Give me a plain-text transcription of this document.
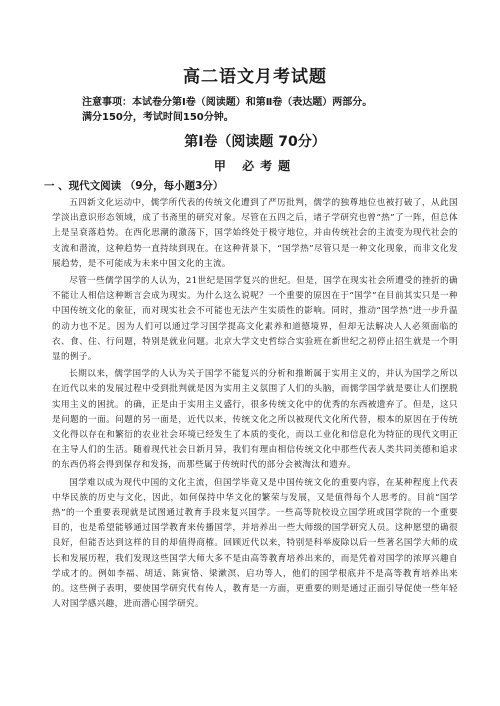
高二语文月考试题

注意事项：本试卷分第Ⅰ卷（阅读题）和第Ⅱ卷（表达题）两部分。

满分150分，考试时间150分钟。

第Ⅰ卷（阅读题 70分）
甲 必考题
一 、现代文阅读 （9分，每小题3分）

五四新文化运动中，儒学所代表的传统文化遭到了严厉批判，儒学的独尊地位也被打破了，从此国学淡出意识形态领域，成了书斋里的研究对象。尽管在五四之后，诸子学研究也曾“热”了一阵，但总体上是呈衰落趋势。在西化思潮的激荡下，国学始终处于极守地位，并由传统社会的主流变为现代社会的支流和潜流，这种趋势一直持续到现在。在这种背景下，“国学热”尽管只是一种文化现象，而非文化发展趋势，是不可能成为未来中国文化的主流。

尽管一些儒学国学的人认为，21世纪是国学复兴的世纪。但是，国学在现实社会所遭受的挫折的确不能让人相信这种断言会成为现实。为什么这么说呢？一个重要的原因在于“国学”在目前其实只是一种中国传统文化的象征，而对现实社会不可能也无法产生实质性的影响。同时，推动“国学热”进一步升温的动力也不足。因为人们可以通过学习国学提高文化素养和道德境界，但却无法解决人人必须面临的衣、食、住、行问题，特别是就业问题。北京大学文史哲综合实验班在新世纪之初停止招生就是一个明显的例子。

长期以来，儒学国学的人认为关于国学不能复兴的分析和推断属于实用主义的，并认为国学之所以在近代以来的发展过程中受到批判就是因为实用主义氛围了人们的头脑，而儒学国学就是要让人们摆脱实用主义的困扰。的确，正是由于实用主义盛行，很多传统文化中的优秀的东西被遗弃了。但是，这只是问题的一面。问题的另一面是，近代以来，传统文化之所以被现代文化所代替，根本的原因在于传统文化得以存在和繁衍的农业社会环境已经发生了本质的变化，而以工业化和信息化为特征的现代文明正在主导人们的生活。随着现代社会日新月异，我们有理由相信传统文化中那些代表人类共同美德和追求的东西仍将会得到保存和发扬，而那些属于传统时代的部分会被淘汰和遗弃。

国学难以成为现代中国的文化主流，但国学毕竟又是中国传统文化的重要内容，在某种程度上代表中华民族的历史与文化，因此，如何保持中华文化的繁荣与发展，又是值得每个人思考的。目前“国学热”的一个重要表现就是试图通过教育手段来复兴国学。一些高等院校设立国学班或国学院的一个重要目的，也是希望能够通过国学教育来传播国学，并培养出一些大师级的国学研究人员。这种愿望的确很良好，但能否达到这样的目的却值得商榷。回顾近代以来，特别是科举废除以后一些著名国学大师的成长和发展历程，我们发现这些国学大师大多不是由高等教育培养出来的，而是凭着对国学的浓厚兴趣自学成才的。例如李福、胡适、陈寅恪、梁漱溟、启功等人，他们的国学根底并不是高等教育培养出来的。这些例子表明，要使国学研究代有传人，教育是一方面，更重要的则是通过正面引导促使一些年轻人对国学感兴趣，进而潜心国学研究。
